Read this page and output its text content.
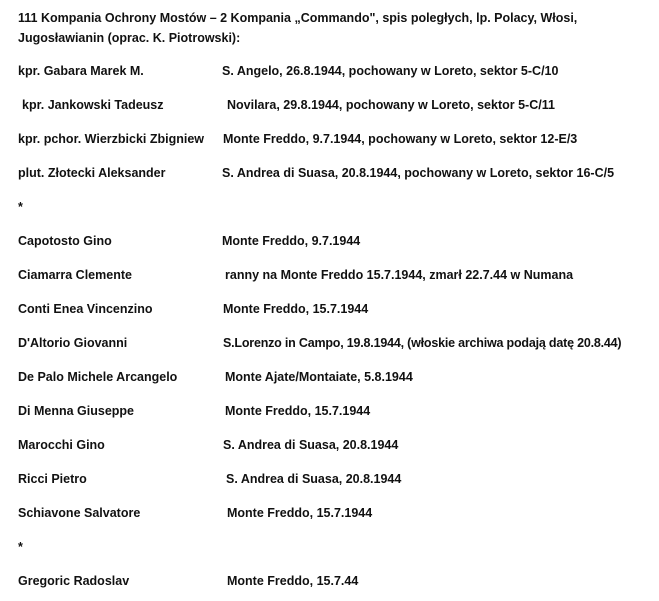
111 Kompania Ochrony Mostów – 2 Kompania „Commando", spis poległych, lp. Polacy, Włosi,
Jugosławianin (oprac. K. Piotrowski):
kpr. Gabara Marek M.	S. Angelo, 26.8.1944, pochowany w Loreto, sektor 5-C/10
kpr. Jankowski Tadeusz	Novilara, 29.8.1944, pochowany w Loreto, sektor 5-C/11
kpr. pchor. Wierzbicki Zbigniew Monte Freddo, 9.7.1944, pochowany w Loreto, sektor 12-E/3
plut. Złotecki Aleksander	S. Andrea di Suasa, 20.8.1944, pochowany w Loreto, sektor 16-C/5
*
Capotosto Gino	Monte Freddo, 9.7.1944
Ciamarra Clemente	ranny na Monte Freddo 15.7.1944, zmarł 22.7.44 w Numana
Conti Enea Vincenzino	Monte Freddo, 15.7.1944
D'Altorio Giovanni	S.Lorenzo in Campo, 19.8.1944, (włoskie archiwa podają datę 20.8.44)
De Palo Michele Arcangelo	Monte Ajate/Montaiate, 5.8.1944
Di Menna Giuseppe	Monte Freddo, 15.7.1944
Marocchi Gino	S. Andrea di Suasa, 20.8.1944
Ricci Pietro	S. Andrea di Suasa, 20.8.1944
Schiavone Salvatore	Monte Freddo, 15.7.1944
*
Gregoric Radoslav	Monte Freddo, 15.7.44
